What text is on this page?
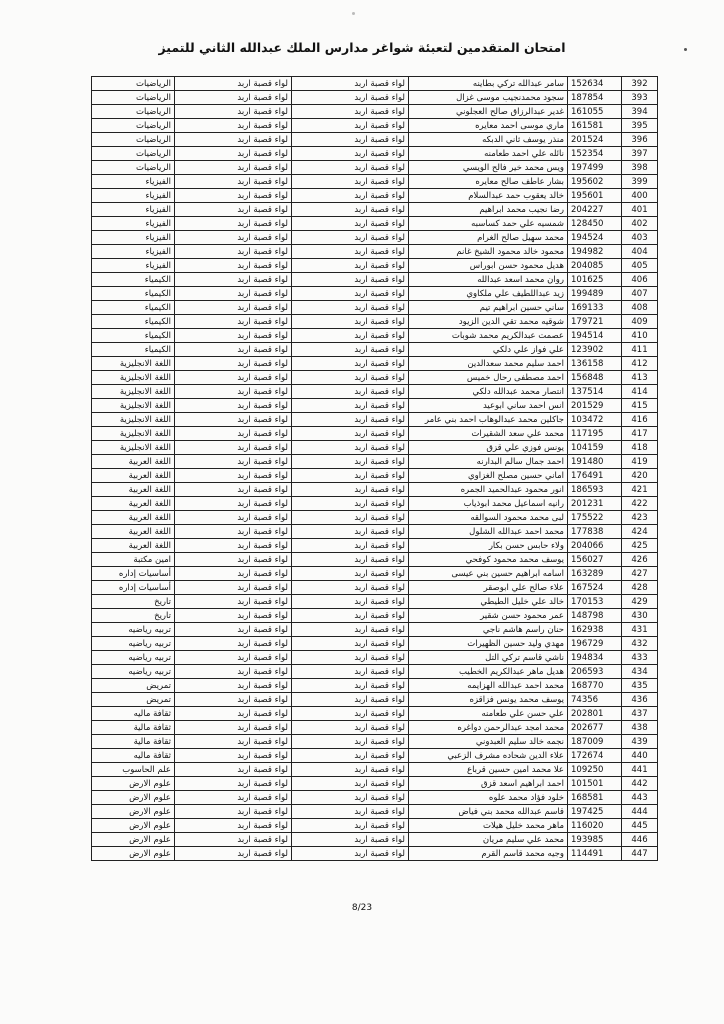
امتحان المتقدمين لتعبئة شواغر مدارس الملك عبدالله الثاني للتميز
392	152634	سامر عبدالله تركي بطاينه	لواء قصبة اربد	لواء قصبة اربد	الرياضيات
393	187854	سجود محمدنجيب موسى غزال	لواء قصبة اربد	لواء قصبة اربد	الرياضيات
394	161055	غدير عبدالرزاق صالح العجلوني	لواء قصبة اربد	لواء قصبة اربد	الرياضيات
395	161581	ماري موسى احمد معايره	لواء قصبة اربد	لواء قصبة اربد	الرياضيات
396	201524	منذر يوسف ثاني الدبكه	لواء قصبة اربد	لواء قصبة اربد	الرياضيات
397	152354	نائله علي احمد طعامنه	لواء قصبة اربد	لواء قصبة اربد	الرياضيات
398	197499	ويس محمد خير فالح الويسي	لواء قصبة اربد	لواء قصبة اربد	الرياضيات
399	195602	بشار عاطف صالح معايره	لواء قصبة اربد	لواء قصبة اربد	الفيزياء
400	195601	خالد يعقوب حمد عبدالسلام	لواء قصبة اربد	لواء قصبة اربد	الفيزياء
401	204227	رضا نجيب محمد ابراهيم	لواء قصبة اربد	لواء قصبة اربد	الفيزياء
402	128450	شمسيه علي حمد كساسبه	لواء قصبة اربد	لواء قصبة اربد	الفيزياء
403	194524	محمد سهيل صالح الغرام	لواء قصبة اربد	لواء قصبة اربد	الفيزياء
404	194982	محمود خالد محمود الشيخ غانم	لواء قصبة اربد	لواء قصبة اربد	الفيزياء
405	204085	هديل محمود حسن ابوراس	لواء قصبة اربد	لواء قصبة اربد	الفيزياء
406	101625	روان محمد اسعد عبدالله	لواء قصبة اربد	لواء قصبة اربد	الكيمياء
407	199489	زيد عبداللطيف علي ملكاوي	لواء قصبة اربد	لواء قصبة اربد	الكيمياء
408	169133	ساني حسين ابراهيم تيم	لواء قصبة اربد	لواء قصبة اربد	الكيمياء
409	179721	شوقيه محمد تقي الدين الزيود	لواء قصبة اربد	لواء قصبة اربد	الكيمياء
410	194514	عصمت عبدالكريم محمد شوبات	لواء قصبة اربد	لواء قصبة اربد	الكيمياء
411	123902	علي فواز علي دلكي	لواء قصبة اربد	لواء قصبة اربد	الكيمياء
412	136158	احمد سليم محمد سعدالدين	لواء قصبة اربد	لواء قصبة اربد	اللغة الانجليزية
413	156848	احمد مصطفى رحال خميس	لواء قصبة اربد	لواء قصبة اربد	اللغة الانجليزية
414	137514	انتصار محمد عبدالله دلكي	لواء قصبة اربد	لواء قصبة اربد	اللغة الانجليزية
415	201529	انس احمد ساني ابوعيد	لواء قصبة اربد	لواء قصبة اربد	اللغة الانجليزية
416	103472	جاكلين محمد عبدالوهاب احمد بني عامر	لواء قصبة اربد	لواء قصبة اربد	اللغة الانجليزية
417	117195	محمد علي سعد الشقيرات	لواء قصبة اربد	لواء قصبة اربد	اللغة الانجليزية
418	104159	يونس فوزي علي قزق	لواء قصبة اربد	لواء قصبة اربد	اللغة الانجليزية
419	191480	احمد جمال سالم البدارنه	لواء قصبة اربد	لواء قصبة اربد	اللغة العربية
420	176491	اماني حسين مصلح الغزاوي	لواء قصبة اربد	لواء قصبة اربد	اللغة العربية
421	186593	انور محمود عبدالحميد الجمره	لواء قصبة اربد	لواء قصبة اربد	اللغة العربية
422	201231	رانيه اسماعيل محمد ابوذياب	لواء قصبة اربد	لواء قصبة اربد	اللغة العربية
423	175522	لبى محمد محمود السوالقه	لواء قصبة اربد	لواء قصبة اربد	اللغة العربية
424	177838	محمد احمد عبدالله الشلول	لواء قصبة اربد	لواء قصبة اربد	اللغة العربية
425	204066	ولاء حابس حسن بكار	لواء قصبة اربد	لواء قصبة اربد	اللغة العربية
426	156027	يوسف محمد محمود كوفحي	لواء قصبة اربد	لواء قصبة اربد	امين مكتبة
427	163289	اسامه ابراهيم حسين بني عيسى	لواء قصبة اربد	لواء قصبة اربد	أساسيات إداره
428	167524	علاء صالح علي ابوصقر	لواء قصبة اربد	لواء قصبة اربد	أساسيات إداره
429	170153	خالد علي خليل الطيطي	لواء قصبة اربد	لواء قصبة اربد	تاريخ
430	148798	عمر محمود حسن شقير	لواء قصبة اربد	لواء قصبة اربد	تاريخ
431	162938	حنان راسم هاشم ناجي	لواء قصبة اربد	لواء قصبة اربد	تربيه رياضيه
432	196729	مهدي وليد حسين الظهيرات	لواء قصبة اربد	لواء قصبة اربد	تربيه رياضيه
433	194834	ناشي قاسم تركي التل	لواء قصبة اربد	لواء قصبة اربد	تربيه رياضيه
434	206593	هديل ماهر عبدالكريم الخطيب	لواء قصبة اربد	لواء قصبة اربد	تربيه رياضيه
435	168770	محمد احمد عبدالله الهزايمه	لواء قصبة اربد	لواء قصبة اربد	تمريض
436	74356	يوسف محمد يونس فزاقزه	لواء قصبة اربد	لواء قصبة اربد	تمريض
437	202801	علي حسن علي طعامنه	لواء قصبة اربد	لواء قصبة اربد	ثقافة ماليه
438	202677	محمد امجد عبدالرحمن دواغره	لواء قصبة اربد	لواء قصبة اربد	ثقافة مالية
439	187009	نجمه خالد سليم العبدوني	لواء قصبة اربد	لواء قصبة اربد	ثقافة مالية
440	172674	علاء الدين شحاده مشرف الزعبي	لواء قصبة اربد	لواء قصبة اربد	ثقافة ماليه
441	109250	علا محمد امين حسين قرباع	لواء قصبة اربد	لواء قصبة اربد	علم الحاسوب
442	101501	احمد ابراهيم اسعد قزق	لواء قصبة اربد	لواء قصبة اربد	علوم الارض
443	168581	خلود فؤاد محمد علوه	لواء قصبة اربد	لواء قصبة اربد	علوم الارض
444	197425	قاسم عبدالله محمد بني فياض	لواء قصبة اربد	لواء قصبة اربد	علوم الارض
445	116020	ماهر محمد خليل هيلات	لواء قصبة اربد	لواء قصبة اربد	علوم الارض
446	193985	محمد علي سليم مريان	لواء قصبة اربد	لواء قصبة اربد	علوم الارض
447	114491	وجيه محمد قاسم القرم	لواء قصبة اربد	لواء قصبة اربد	علوم الارض
8/23
